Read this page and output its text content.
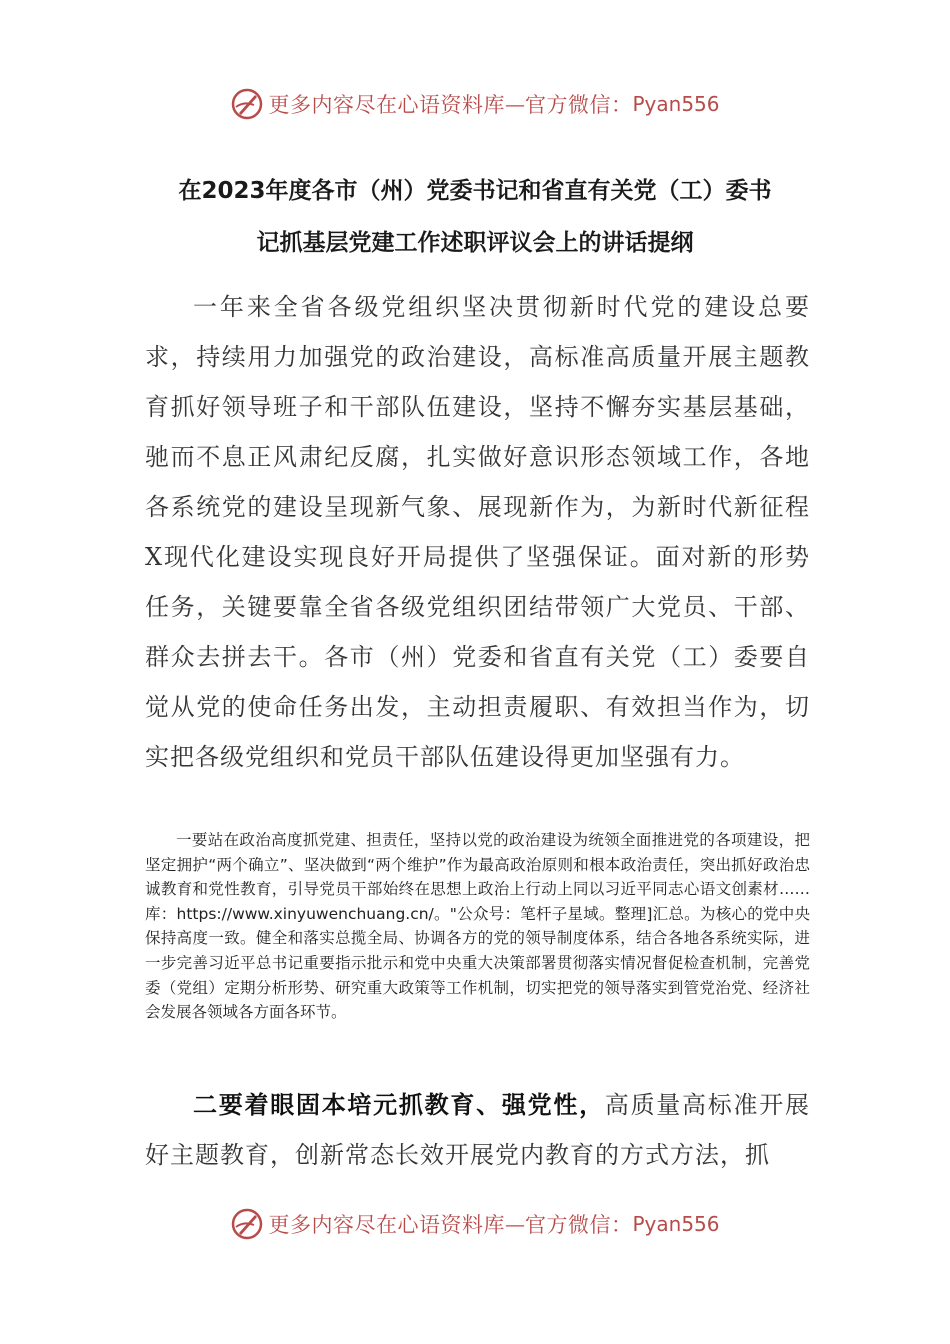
更多内容尽在心语资料库 — 官方微信： Pyan556
在2023年度各市（州）党委书记和省直有关党（工）委书
记抓基层党建工作述职评议会上的讲话提纲
一年来全省各级党组织坚决贯彻新时代党的建设总要求，持续用力加强党的政治建设，高标准高质量开展主题教育抓好领导班子和干部队伍建设，坚持不懈夯实基层基础，驰而不息正风肃纪反腐，扎实做好意识形态领域工作，各地各系统党的建设呈现新气象、展现新作为，为新时代新征程X现代化建设实现良好开局提供了坚强保证。面对新的形势任务，关键要靠全省各级党组织团结带领广大党员、干部、群众去拼去干。各市（州）党委和省直有关党（工）委要自觉从党的使命任务出发，主动担责履职、有效担当作为，切实把各级党组织和党员干部队伍建设得更加坚强有力。
一要站在政治高度抓党建、担责任，坚持以党的政治建设为统领全面推进党的各项建设，把坚定拥护“两个确立”、坚决做到“两个维护”作为最高政治原则和根本政治责任，突出抓好政治忠诚教育和党性教育，引导党员干部始终在思想上政治上行动上同以习近平同志心语文创素材……库：https://www.xinyuwenchuang.cn/。"公众号：笔杆子星域。整理]汇总。为核心的党中央保持高度一致。健全和落实总揽全局、协调各方的党的领导制度体系，结合各地各系统实际，进一步完善习近平总书记重要指示批示和党中央重大决策部署贯彻落实情况督促检查机制，完善党委（党组）定期分析形势、研究重大政策等工作机制，切实把党的领导落实到管党治党、经济社会发展各领域各方面各环节。
二要着眼固本培元抓教育、强党性，高质量高标准开展好主题教育，创新常态长效开展党内教育的方式方法，抓
更多内容尽在心语资料库 — 官方微信： Pyan556
